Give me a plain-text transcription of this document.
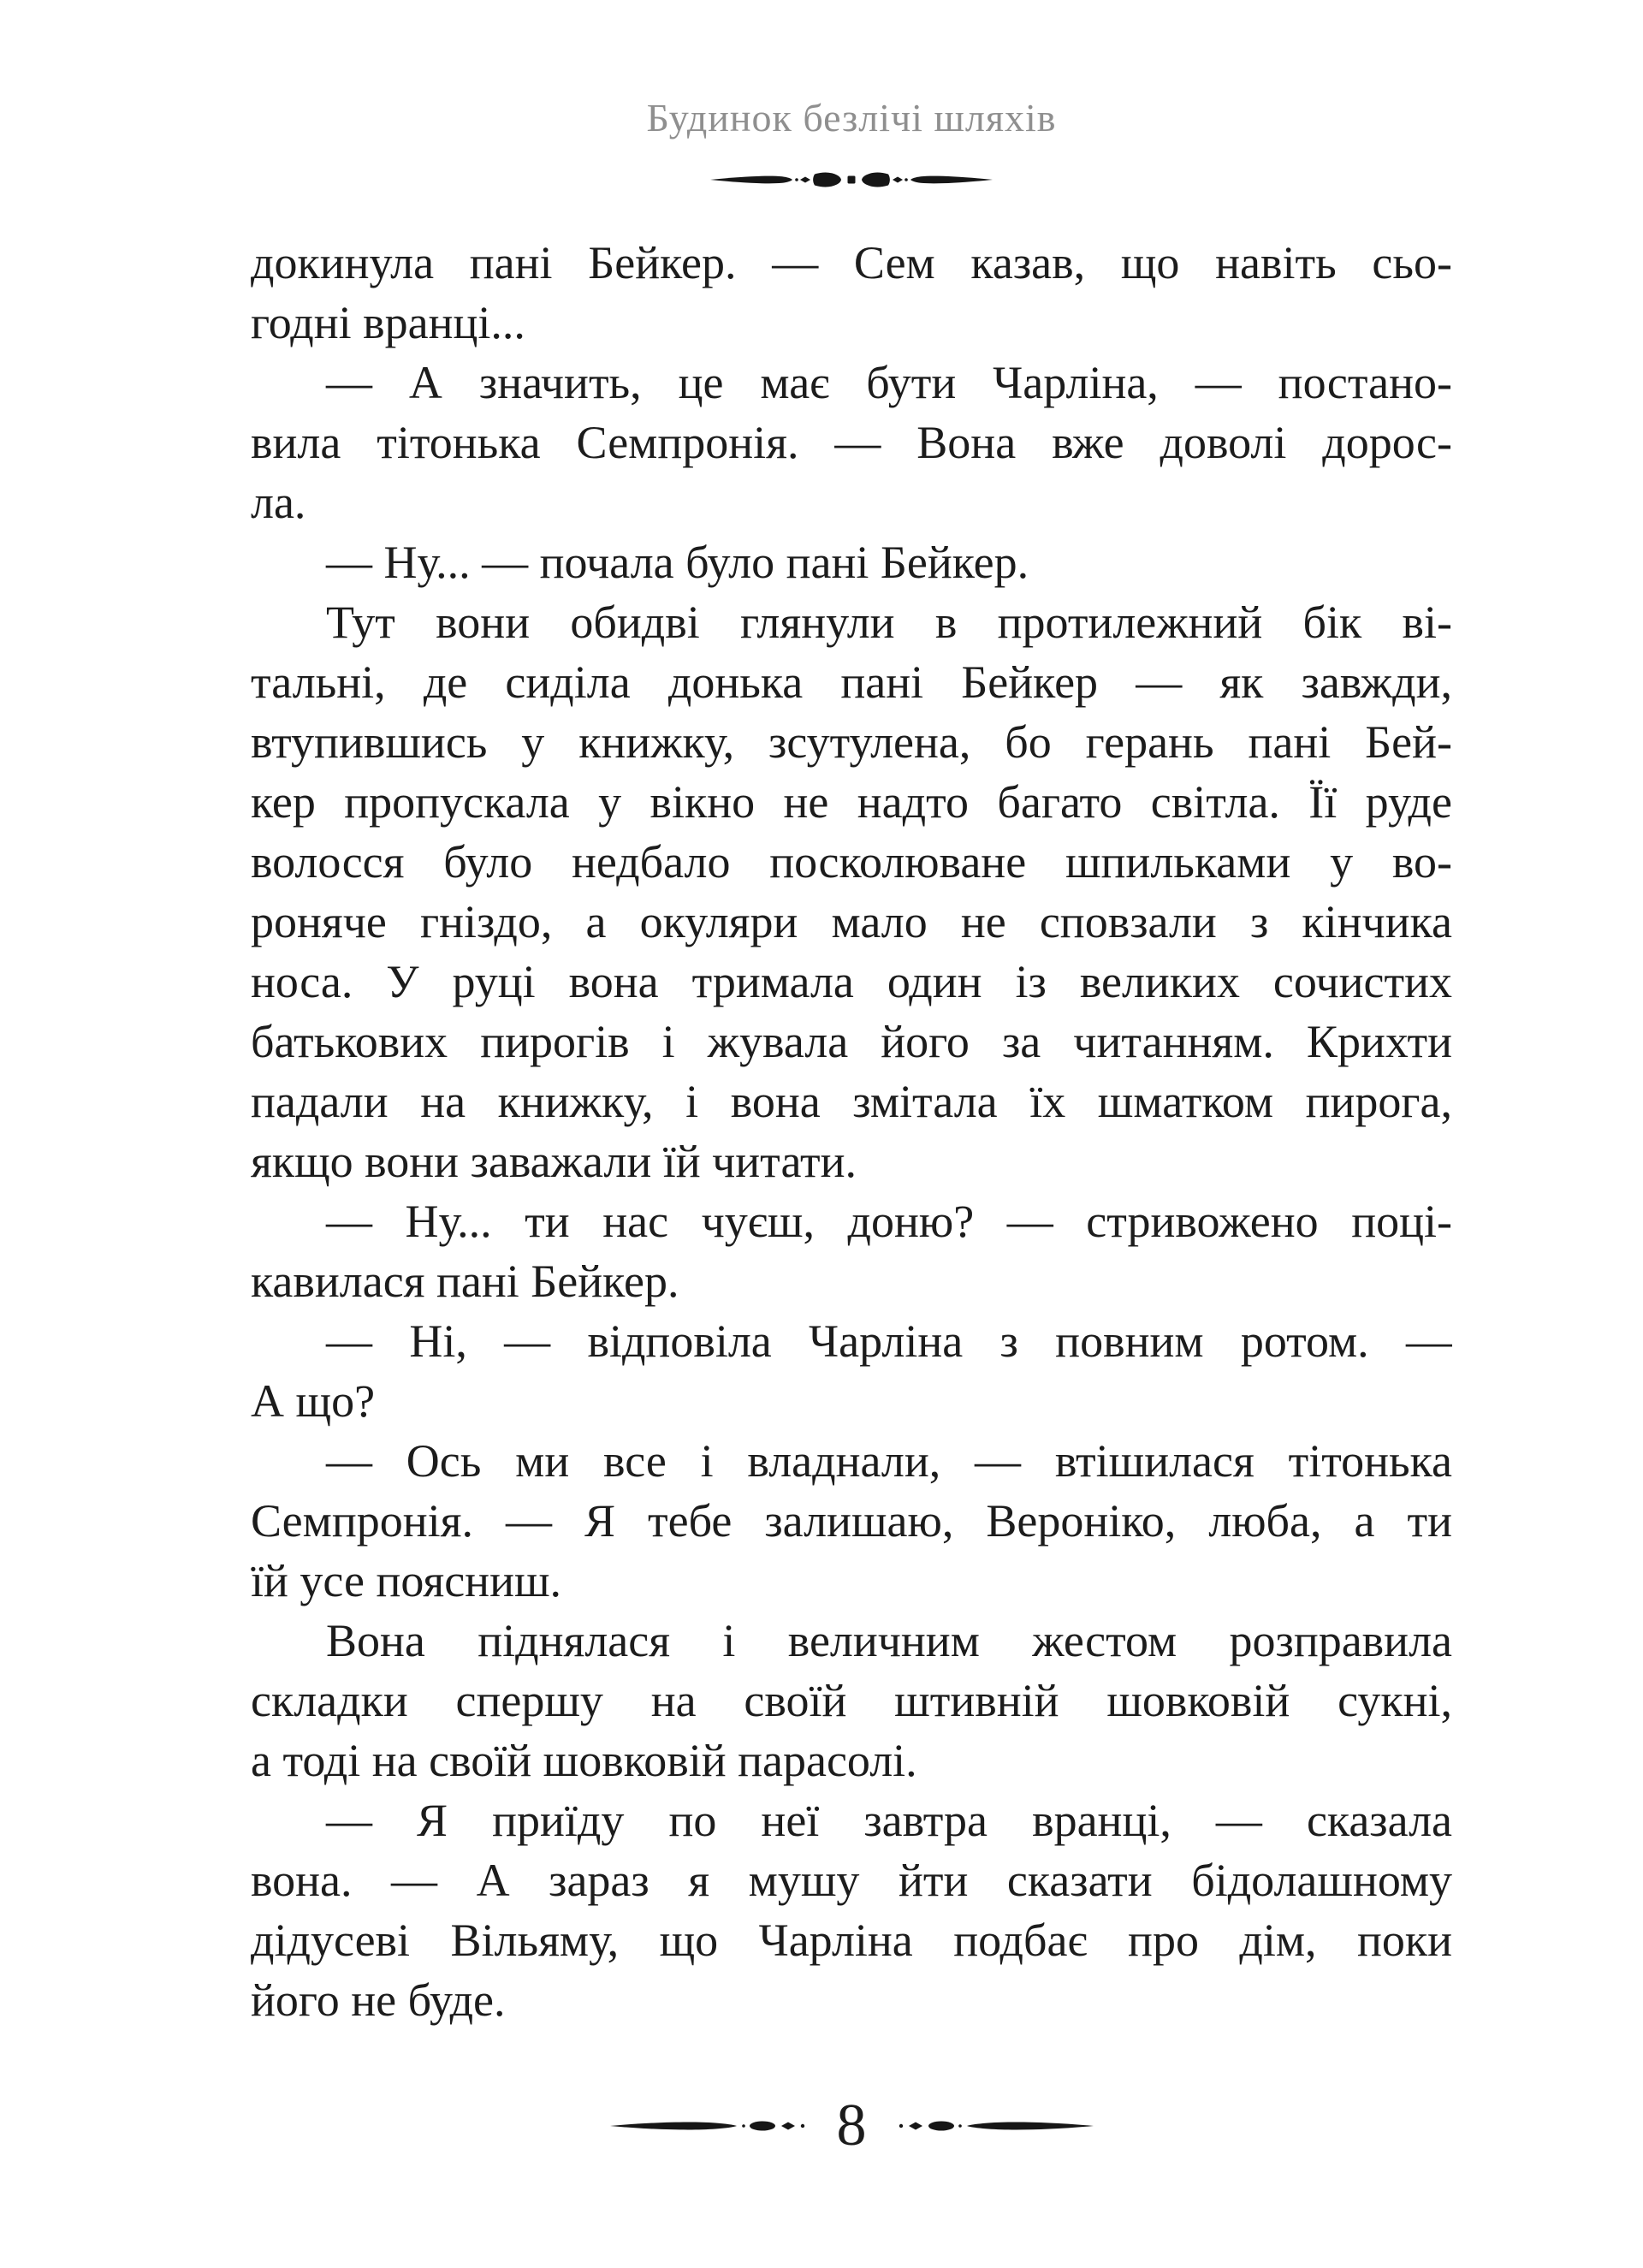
Будинок безлічі шляхів
докинула пані Бейкер. — Сем казав, що навіть сьо-
годні вранці...
— А значить, це має бути Чарліна, — постано-
вила тітонька Семпронія. — Вона вже доволі дорос-
ла.
— Ну... — почала було пані Бейкер.
Тут вони обидві глянули в протилежний бік ві-
тальні, де сиділа донька пані Бейкер — як завжди,
втупившись у книжку, зсутулена, бо герань пані Бей-
кер пропускала у вікно не надто багато світла. Її руде
волосся було недбало посколюване шпильками у во-
роняче гніздо, а окуляри мало не сповзали з кінчика
носа. У руці вона тримала один із великих сочистих
батькових пирогів і жувала його за читанням. Крихти
падали на книжку, і вона змітала їх шматком пирога,
якщо вони заважали їй читати.
— Ну... ти нас чуєш, доню? — стривожено поці-
кавилася пані Бейкер.
— Ні, — відповіла Чарліна з повним ротом. —
А що?
— Ось ми все і владнали, — втішилася тітонька
Семпронія. — Я тебе залишаю, Вероніко, люба, а ти
їй усе поясниш.
Вона піднялася і величним жестом розправила
складки спершу на своїй штивній шовковій сукні,
а тоді на своїй шовковій парасолі.
— Я приїду по неї завтра вранці, — сказала
вона. — А зараз я мушу йти сказати бідолашному
дідусеві Вільяму, що Чарліна подбає про дім, поки
його не буде.
8
